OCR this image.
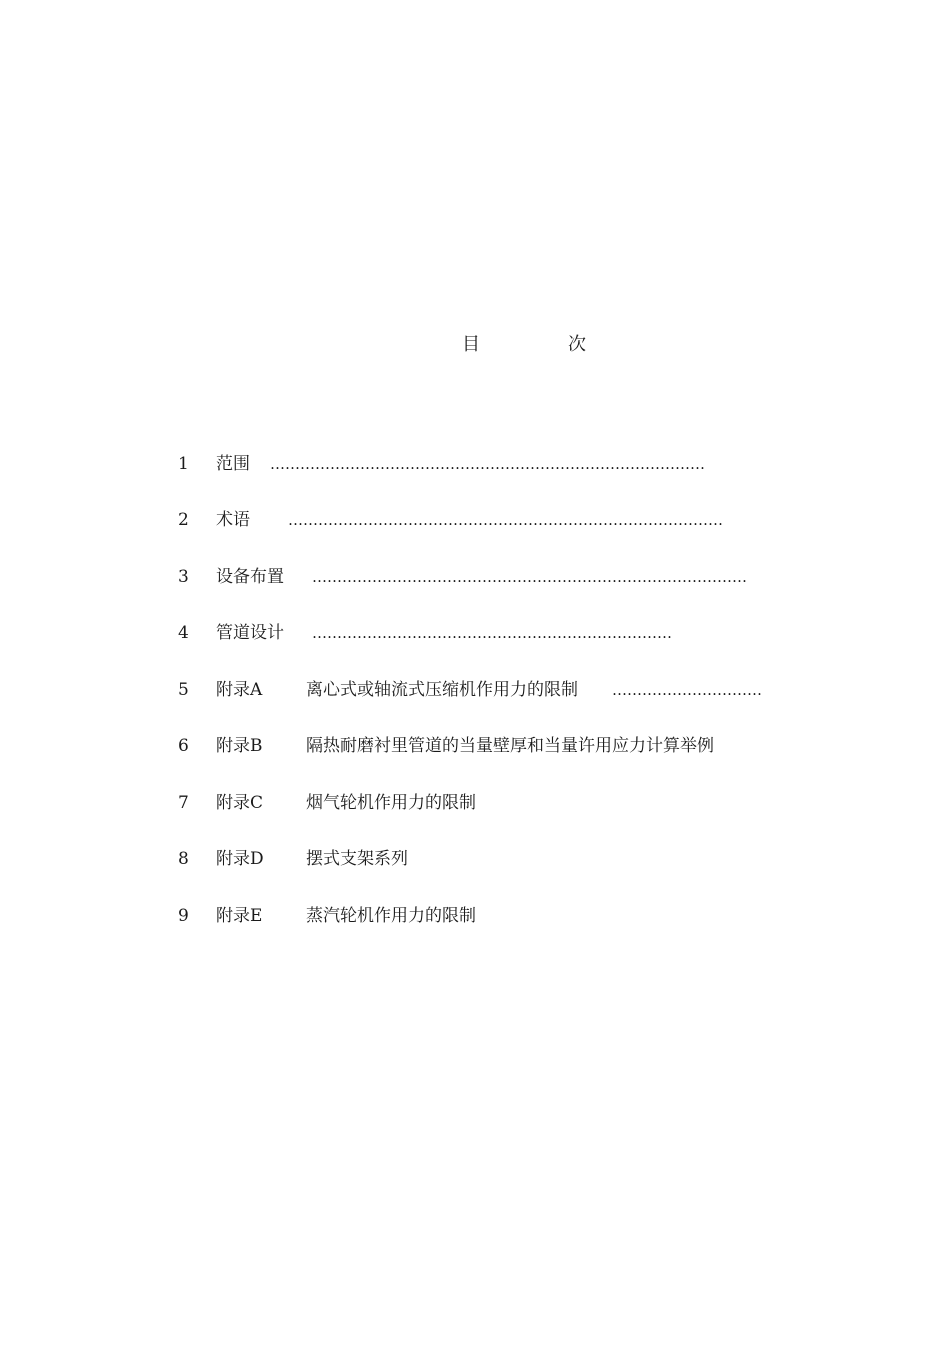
目	次
1 范围 ……………………………………………………………………………
2 术语	……………………………………………………………………………
3 设备布置 ……………………………………………………………………………
4 管道设计 ………………………………………………………………
5 附录A	离心式或轴流式压缩机作用力的限制 …………………………
6 附录B	隔热耐磨衬里管道的当量壁厚和当量许用应力计算举例
7 附录C	烟气轮机作用力的限制
8 附录D 摆式支架系列
9 附录E	蒸汽轮机作用力的限制
